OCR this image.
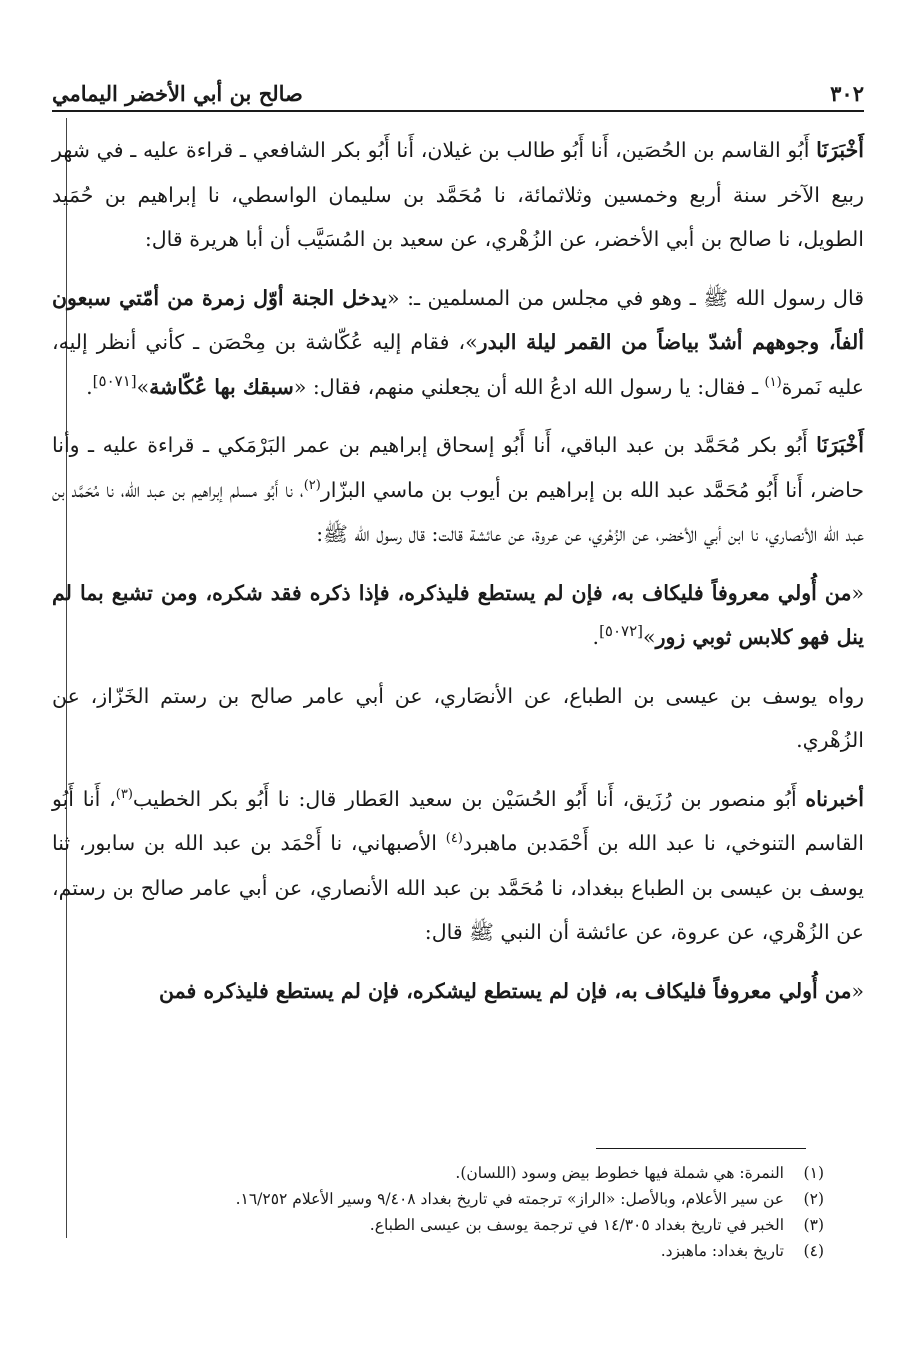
٣٠٢
صالح بن أبي الأخضر اليمامي

أَخْبَرَنَا أَبُو القاسم بن الحُصَين، أَنا أَبُو طالب بن غيلان، أَنا أَبُو بكر الشافعي ـ قراءة عليه ـ في شهر ربيع الآخر سنة أربع وخمسين وثلاثمائة، نا مُحَمَّد بن سليمان الواسطي، نا إبراهيم بن حُمَيد الطويل، نا صالح بن أبي الأخضر، عن الزُهْري، عن سعيد بن المُسَيَّب أن أبا هريرة قال:

قال رسول الله ﷺ ـ وهو في مجلس من المسلمين ـ: «يدخل الجنة أوّل زمرة من أمّتي سبعون ألفاً، وجوههم أشدّ بياضاً من القمر ليلة البدر»، فقام إليه عُكّاشة بن مِحْصَن ـ كأني أنظر إليه، عليه نَمرة$^{(١)}$ ـ فقال: يا رسول الله ادعُ الله أن يجعلني منهم، فقال: «سبقك بها عُكّاشة»[٥٠٧١].

أَخْبَرَنَا أَبُو بكر مُحَمَّد بن عبد الباقي، أَنا أَبُو إسحاق إبراهيم بن عمر البَرْمَكي ـ قراءة عليه ـ وأنا حاضر، أَنا أَبُو مُحَمَّد عبد الله بن إبراهيم بن أيوب بن ماسي البزّار$^{(٢)}$، نا أَبُو مسلم إبراهيم بن عبد الله، نا مُحَمَّد بن عبد الله الأنصاري، نا ابن أبي الأخضر، عن الزُهْري، عن عروة، عن عائشة قالت: قال رسول الله ﷺ:

«من أُولي معروفاً فليكاف به، فإن لم يستطع فليذكره، فإذا ذكره فقد شكره، ومن تشبع بما لم ينل فهو كلابس ثوبي زور»[٥٠٧٢].

رواه يوسف بن عيسى بن الطباع، عن الأنصَاري، عن أبي عامر صالح بن رستم الخَزّاز، عن الزُهْري.

أخبرناه أَبُو منصور بن رُزَيق، أَنا أَبُو الحُسَيْن بن سعيد العَطار قال: نا أَبُو بكر الخطيب$^{(٣)}$، أَنا أَبُو القاسم التنوخي، نا عبد الله بن أَحْمَدبن ماهبرد$^{(٤)}$ الأصبهاني، نا أَحْمَد بن عبد الله بن سابور، ثنا يوسف بن عيسى بن الطباع ببغداد، نا مُحَمَّد بن عبد الله الأنصاري، عن أبي عامر صالح بن رستم، عن الزُهْري، عن عروة، عن عائشة أن النبي ﷺ قال:

«من أُولي معروفاً فليكاف به، فإن لم يستطع ليشكره، فإن لم يستطع فليذكره فمن

(١)
النمرة: هي شملة فيها خطوط بيض وسود (اللسان).
(٢)
عن سير الأعلام، وبالأصل: «الراز» ترجمته في تاريخ بغداد ٩/٤٠٨ وسير الأعلام ١٦/٢٥٢.
(٣)
الخبر في تاريخ بغداد ١٤/٣٠٥ في ترجمة يوسف بن عيسى الطباع.
(٤)
تاريخ بغداد: ماهبزد.
